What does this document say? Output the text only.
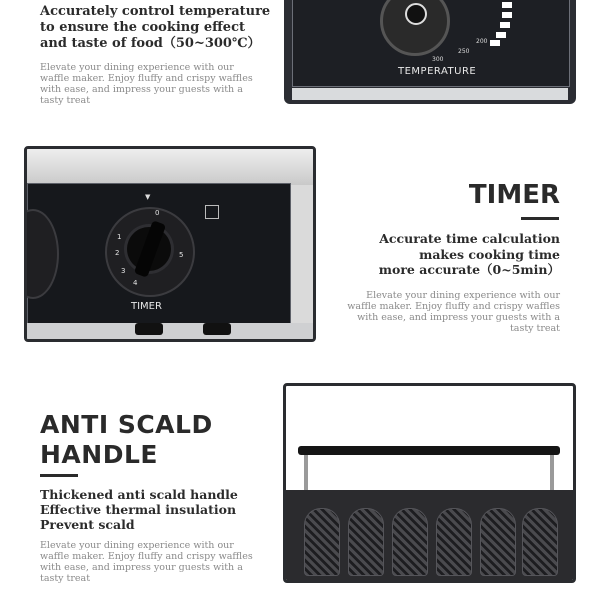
Accurately control temperature
to ensure the cooking effect
and taste of food（50~300℃）
Elevate your dining experience with our
waffle maker. Enjoy fluffy and crispy waffles
with ease, and impress your guests with a
tasty treat
200
250
300
TEMPERATURE
▼
0
1
2
3
4
5
TIMER
TIMER
Accurate time calculation
makes cooking time
more accurate（0~5min）
Elevate your dining experience with our
waffle maker. Enjoy fluffy and crispy waffles
with ease, and impress your guests with a
tasty treat
ANTI SCALD
HANDLE
Thickened anti scald handle
Effective thermal insulation
Prevent scald
Elevate your dining experience with our
waffle maker. Enjoy fluffy and crispy waffles
with ease, and impress your guests with a
tasty treat
